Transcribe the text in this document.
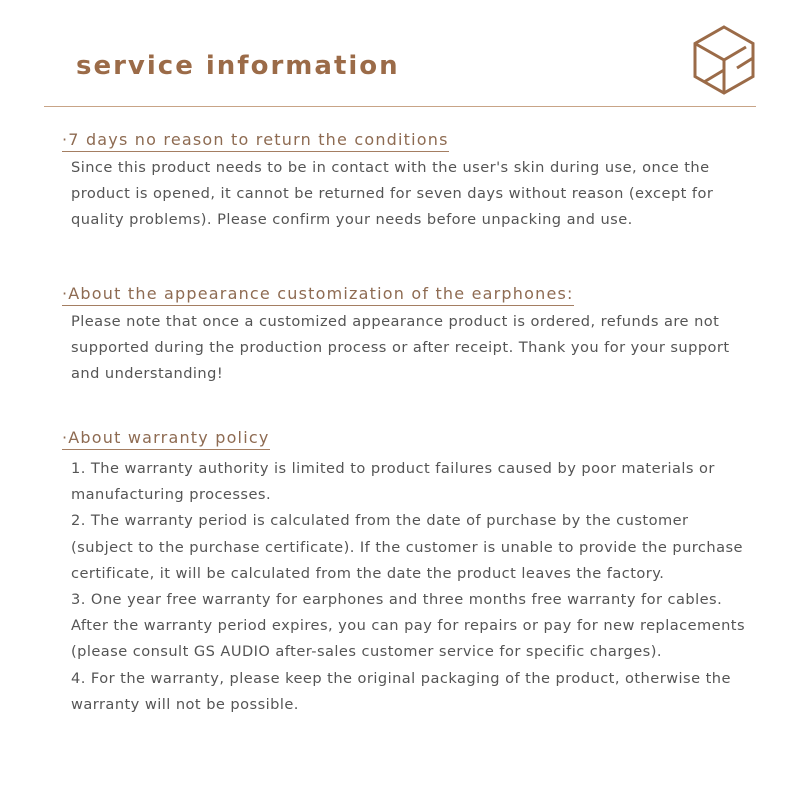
service information
·7 days no reason to return the conditions

Since this product needs to be in contact with the user's skin during use, once the product is opened, it cannot be returned for seven days without reason (except for quality problems). Please confirm your needs before unpacking and use.

·About the appearance customization of the earphones:

Please note that once a customized appearance product is ordered, refunds are not supported during the production process or after receipt. Thank you for your support and understanding!

·About warranty policy

1. The warranty authority is limited to product failures caused by poor materials or manufacturing processes.

2. The warranty period is calculated from the date of purchase by the customer (subject to the purchase certificate). If the customer is unable to provide the purchase certificate, it will be calculated from the date the product leaves the factory.

3. One year free warranty for earphones and three months free warranty for cables. After the warranty period expires, you can pay for repairs or pay for new replacements (please consult GS AUDIO after-sales customer service for specific charges).

4. For the warranty, please keep the original packaging of the product, otherwise the warranty will not be possible.
